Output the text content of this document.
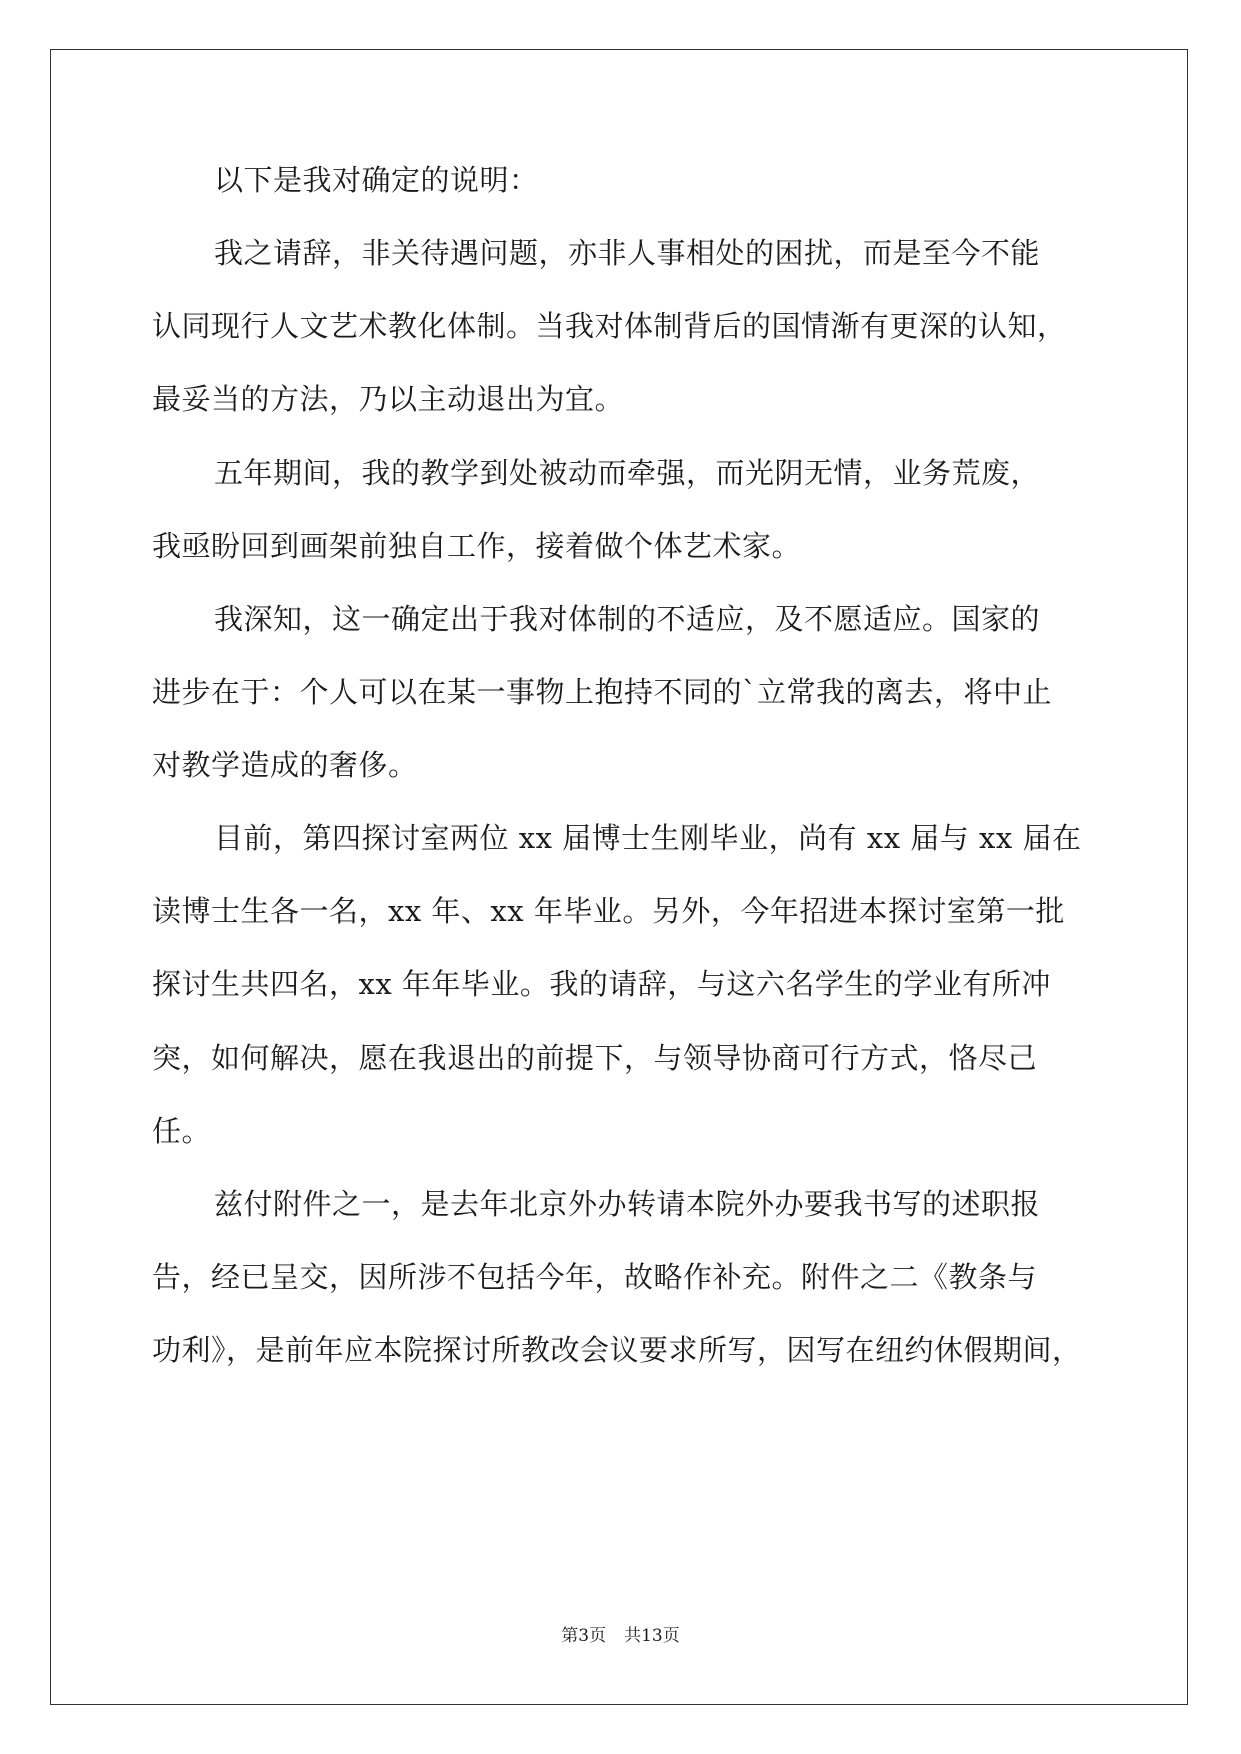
以下是我对确定的说明：
我之请辞，非关待遇问题，亦非人事相处的困扰，而是至今不能
认同现行人文艺术教化体制。当我对体制背后的国情渐有更深的认知，
最妥当的方法，乃以主动退出为宜。
五年期间，我的教学到处被动而牵强，而光阴无情，业务荒废，
我亟盼回到画架前独自工作，接着做个体艺术家。
我深知，这一确定出于我对体制的不适应，及不愿适应。国家的
进步在于：个人可以在某一事物上抱持不同的`立常我的离去，将中止
对教学造成的奢侈。
目前，第四探讨室两位 xx 届博士生刚毕业，尚有 xx 届与 xx 届在
读博士生各一名，xx 年、xx 年毕业。另外，今年招进本探讨室第一批
探讨生共四名，xx 年年毕业。我的请辞，与这六名学生的学业有所冲
突，如何解决，愿在我退出的前提下，与领导协商可行方式，恪尽己
任。
兹付附件之一，是去年北京外办转请本院外办要我书写的述职报
告，经已呈交，因所涉不包括今年，故略作补充。附件之二《教条与
功利》，是前年应本院探讨所教改会议要求所写，因写在纽约休假期间，
第3页 共13页
